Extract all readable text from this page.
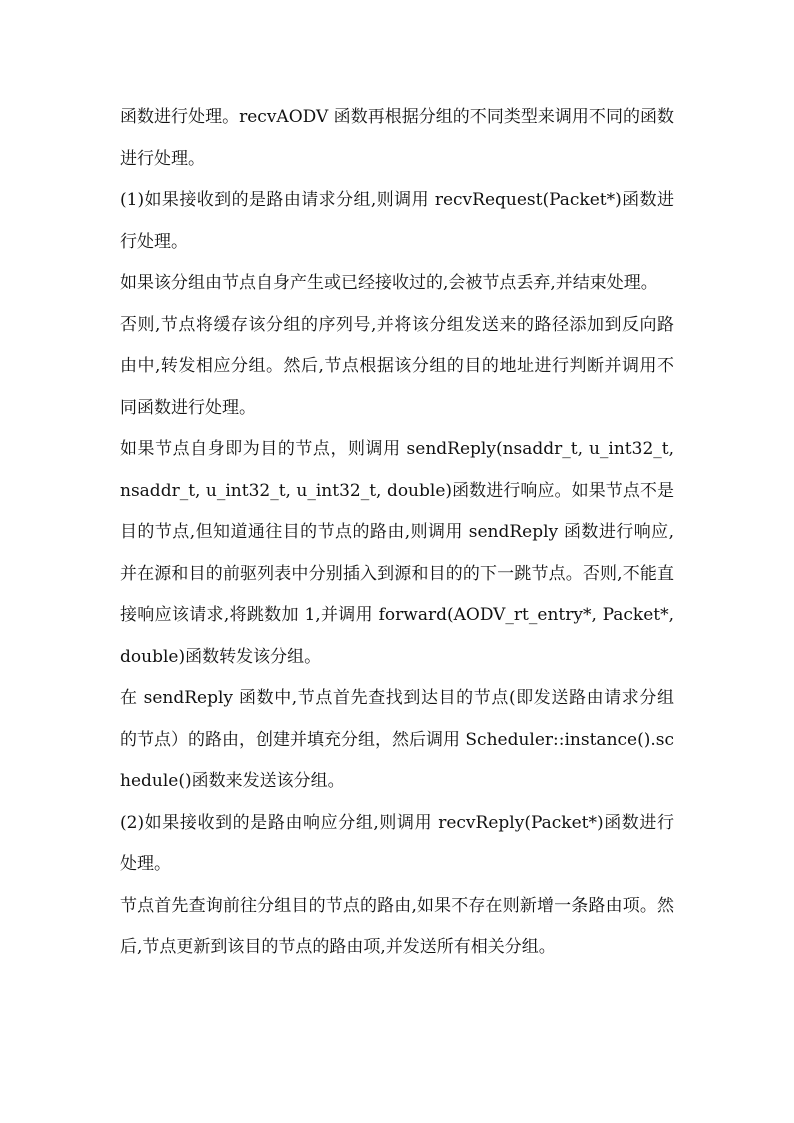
函数进行处理。recvAODV 函数再根据分组的不同类型来调用不同的函数进行处理。

(1)如果接收到的是路由请求分组,则调用 recvRequest(Packet*)函数进行处理。

如果该分组由节点自身产生或已经接收过的,会被节点丢弃,并结束处理。

否则,节点将缓存该分组的序列号,并将该分组发送来的路径添加到反向路由中,转发相应分组。然后,节点根据该分组的目的地址进行判断并调用不同函数进行处理。

如果节点自身即为目的节点，则调用 sendReply(nsaddr_t, u_int32_t, nsaddr_t, u_int32_t, u_int32_t, double)函数进行响应。如果节点不是目的节点,但知道通往目的节点的路由,则调用 sendReply 函数进行响应,并在源和目的前驱列表中分别插入到源和目的的下一跳节点。否则,不能直接响应该请求,将跳数加 1,并调用 forward(AODV_rt_entry*, Packet*, double)函数转发该分组。

在 sendReply 函数中,节点首先查找到达目的节点(即发送路由请求分组的节点）的路由，创建并填充分组，然后调用 Scheduler::instance().schedule()函数来发送该分组。

(2)如果接收到的是路由响应分组,则调用 recvReply(Packet*)函数进行处理。

节点首先查询前往分组目的节点的路由,如果不存在则新增一条路由项。然后,节点更新到该目的节点的路由项,并发送所有相关分组。
